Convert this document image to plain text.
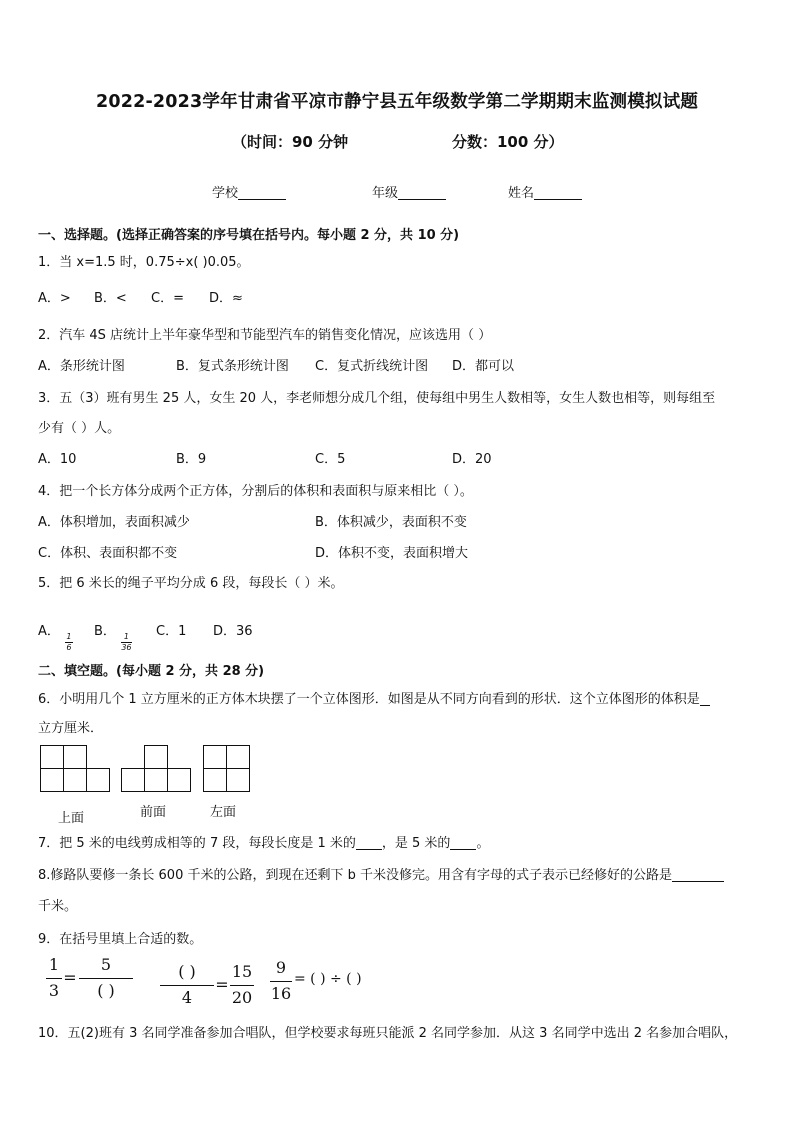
2022-2023学年甘肃省平凉市静宁县五年级数学第二学期期末监测模拟试题
（时间：90 分钟	分数：100 分）
学校	年级	姓名
一、选择题。(选择正确答案的序号填在括号内。每小题 2 分，共 10 分)
1．当 x=1.5 时，0.75÷x( )0.05。
A．> B．< C．= D．≈
2．汽车 4S 店统计上半年豪华型和节能型汽车的销售变化情况，应该选用（ ）
A．条形统计图	B．复式条形统计图 C．复式折线统计图 D．都可以
3．五（3）班有男生 25 人，女生 20 人，李老师想分成几个组，使每组中男生人数相等，女生人数也相等，则每组至
少有（ ）人。
A．10	B．9	C．5	D．20
4．把一个长方体分成两个正方体，分割后的体积和表面积与原来相比（ ）。
A．体积增加，表面积减少	B．体积减少，表面积不变
C．体积、表面积都不变	D．体积不变，表面积增大
5．把 6 米长的绳子平均分成 6 段，每段长（ ）米。
A．
$\frac{1}{6}$
B．
$\frac{1}{36}$
C．1 D．36
二、填空题。(每小题 2 分，共 28 分)
6．小明用几个 1 立方厘米的正方体木块摆了一个立体图形．如图是从不同方向看到的形状．这个立体图形的体积是
立方厘米．
上面	前面	左面
7．把 5 米的电线剪成相等的 7 段，每段长度是 1 米的 ，是 5 米的 。
8.修路队要修一条长 600 千米的公路，到现在还剩下 b 千米没修完。用含有字母的式子表示已经修好的公路是
千米。
9．在括号里填上合适的数。
1
3
=
5
( )
( )
4
=
15
20
9
16
= ( ) ÷ ( )
10．五(2)班有 3 名同学准备参加合唱队，但学校要求每班只能派 2 名同学参加．从这 3 名同学中选出 2 名参加合唱队，
